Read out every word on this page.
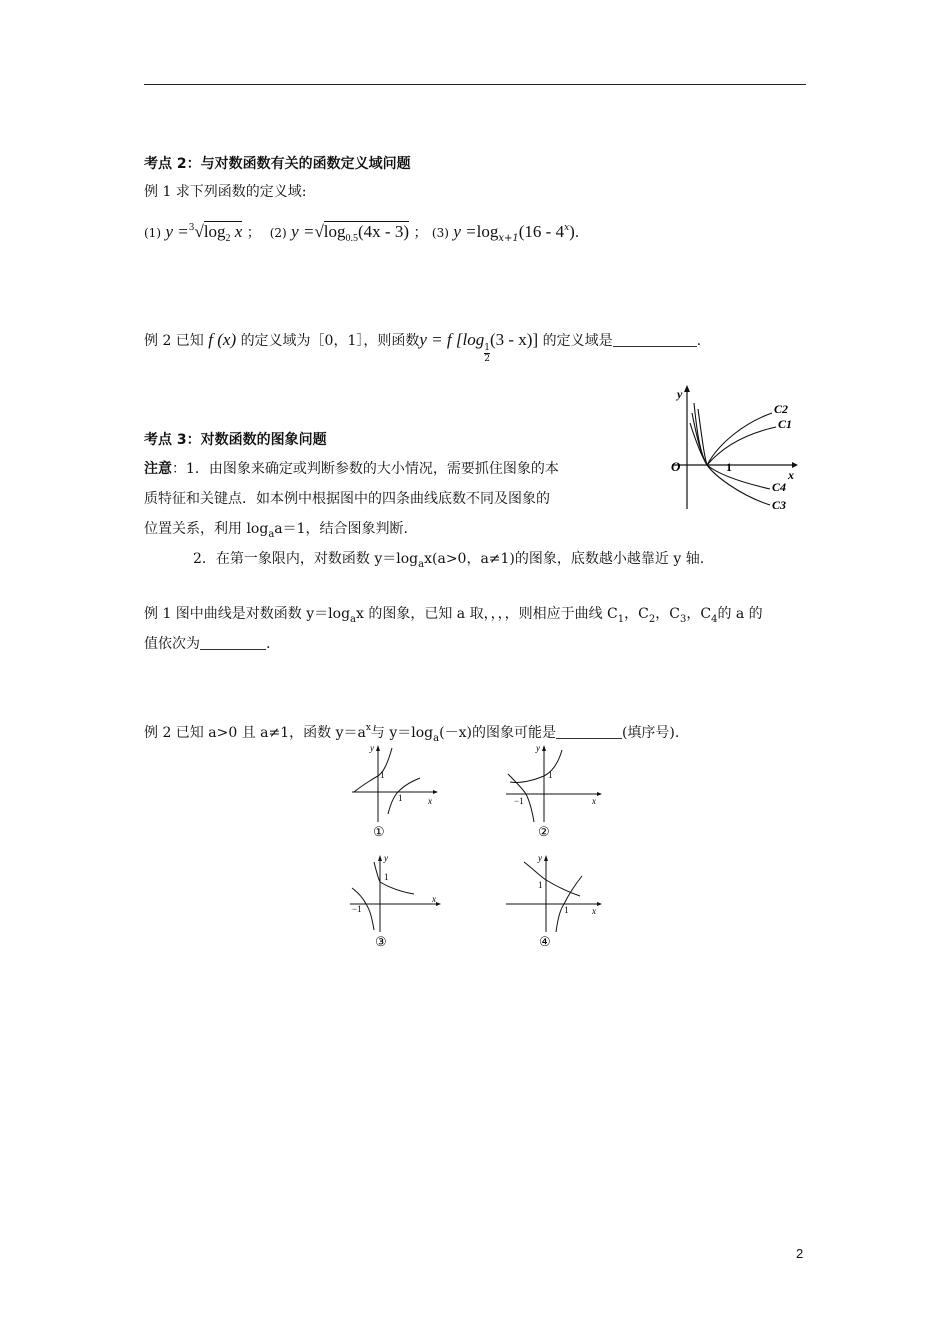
考点 2：与对数函数有关的函数定义域问题
例 1 求下列函数的定义域:
(1) $y =^3√\log_2$ x ； (2) $y =√\log_{0.5}(4x - 3)$ ； (3) $y =\log_{x+1}(16 - 4^x)$．
例 2 已知 f (x) 的定义域为［0，1］，则函数y = f [log
$\frac{1}{2}$
(3 - x)] 的定义域是	.
考点 3：对数函数的图象问题
注意：1．由图象来确定或判断参数的大小情况，需要抓住图象的本
质特征和关键点．如本例中根据图中的四条曲线底数不同及图象的
位置关系，利用 $\log_aa=1$，结合图象判断.
2．在第一象限内，对数函数 $y=\log_ax(a>0$，a≠1)的图象，底数越小越靠近 y 轴.
例 1 图中曲线是对数函数 $y=\log_ax$ 的图象，已知 a 取，，，，则相应于曲线 $C_1$，$C_2$，$C_3$，$C_4$的 a 的
值依次为	.
例 2 已知 a>0 且 a≠1，函数 $y=a^x$与 $y=\log_a(-x)$的图象可能是	(填序号).
y
x
O	1
C2
C1
C4
C3
y
x
1
1
①
y
x
1
−1
②
y
x
1
−1
③
y
x
1
1
④
2
